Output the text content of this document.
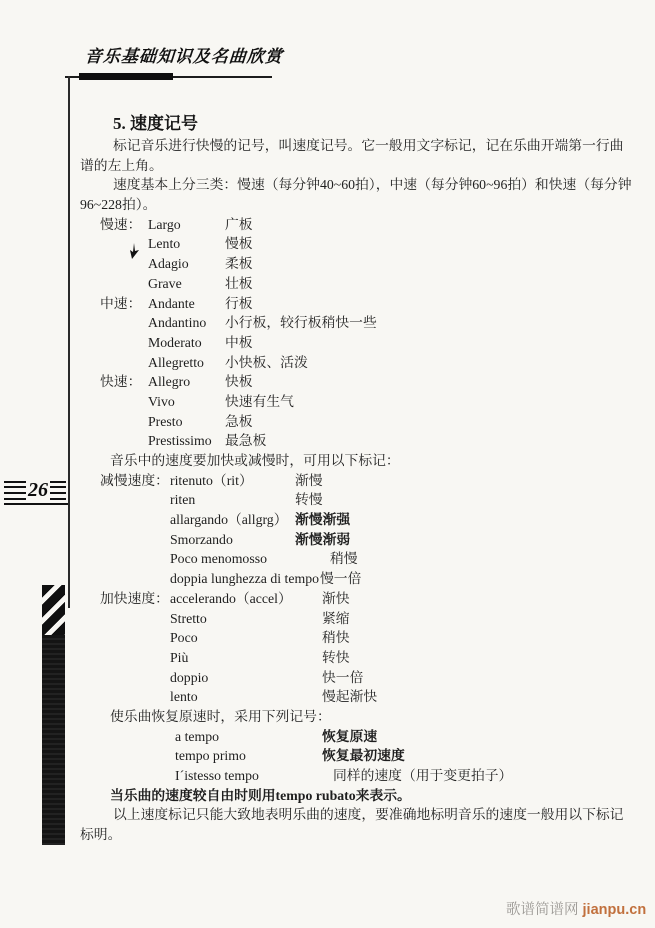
音乐基础知识及名曲欣赏
5. 速度记号
标记音乐进行快慢的记号，叫速度记号。它一般用文字标记，记在乐曲开端第一行曲
谱的左上角。
速度基本上分三类：慢速（每分钟40~60拍），中速（每分钟60~96拍）和快速（每分钟
96~228拍）。
慢速： Largo	广板
Lento	慢板
Adagio	柔板
Grave	壮板
中速： Andante 行板
Andantino 小行板，较行板稍快一些
Moderato 中板
Allegretto 小快板、活泼
快速： Allegro	快板
Vivo	快速有生气
Presto	急板
Prestissimo 最急板
音乐中的速度要加快或减慢时，可用以下标记：
减慢速度： ritenuto（rit）	渐慢
riten	转慢
allargando（allgrg） 渐慢渐强
Smorzando	渐慢渐弱
Poco menomosso	稍慢
doppia lunghezza di tempo 慢一倍
加快速度： accelerando（accel） 渐快
Stretto	紧缩
Poco	稍快
Più	转快
doppio	快一倍
lento	慢起渐快
使乐曲恢复原速时，采用下列记号：
a tempo	恢复原速
tempo primo	恢复最初速度
I´istesso tempo	同样的速度（用于变更拍子）
当乐曲的速度较自由时则用tempo rubato来表示。
以上速度标记只能大致地表明乐曲的速度，要准确地标明音乐的速度一般用以下标记
标明。
26
歌谱简谱网 jianpu.cn
